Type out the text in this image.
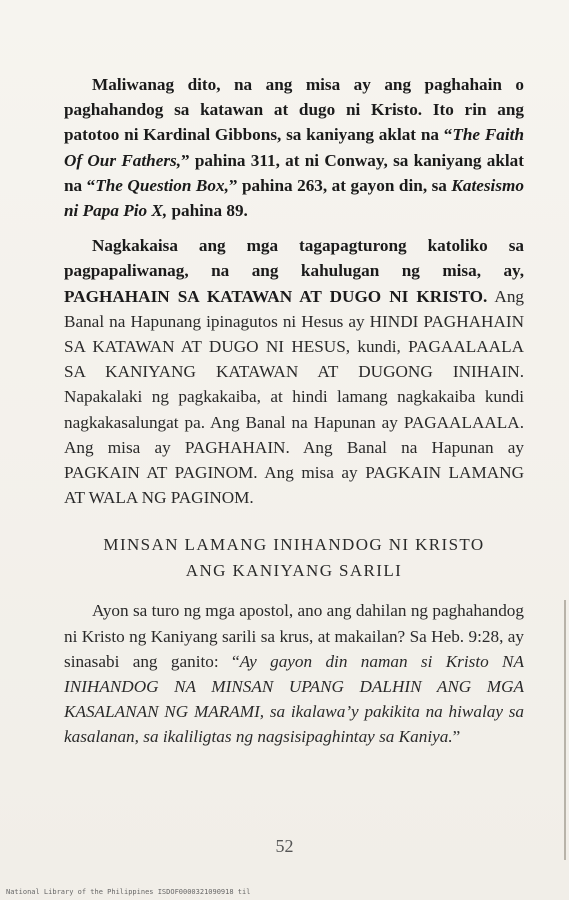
Maliwanag dito, na ang misa ay ang paghahain o paghahandog sa katawan at dugo ni Kristo. Ito rin ang patotoo ni Kardinal Gibbons, sa kaniyang aklat na “The Faith Of Our Fathers,” pahina 311, at ni Conway, sa kaniyang aklat na “The Question Box,” pahina 263, at gayon din, sa Katesismo ni Papa Pio X, pahina 89.

Nagkakaisa ang mga tagapagturong katoliko sa pagpapaliwanag, na ang kahulugan ng misa, ay, PAGHAHAIN SA KATAWAN AT DUGO NI KRISTO. Ang Banal na Hapunang ipinagutos ni Hesus ay HINDI PAGHAHAIN SA KATAWAN AT DUGO NI HESUS, kundi, PAGAALAALA SA KANIYANG KATAWAN AT DUGONG INIHAIN. Napakalaki ng pagkakaiba, at hindi lamang nagkakaiba kundi nagkakasalungat pa. Ang Banal na Hapunan ay PAGAALAALA. Ang misa ay PAGHAHAIN. Ang Banal na Hapunan ay PAGKAIN AT PAGINOM. Ang misa ay PAGKAIN LAMANG AT WALA NG PAGINOM.

MINSAN LAMANG INIHANDOG NI KRISTO
ANG KANIYANG SARILI

Ayon sa turo ng mga apostol, ano ang dahilan ng paghahandog ni Kristo ng Kaniyang sarili sa krus, at makailan? Sa Heb. 9:28, ay sinasabi ang ganito: “Ay gayon din naman si Kristo NA INIHANDOG NA MINSAN UPANG DALHIN ANG MGA KASALANAN NG MARAMI, sa ikalawa’y pakikita na hiwalay sa kasalanan, sa ikaliligtas ng nagsisipaghintay sa Kaniya.”

52
National Library of the Philippines ISDOF0000321090918 til
